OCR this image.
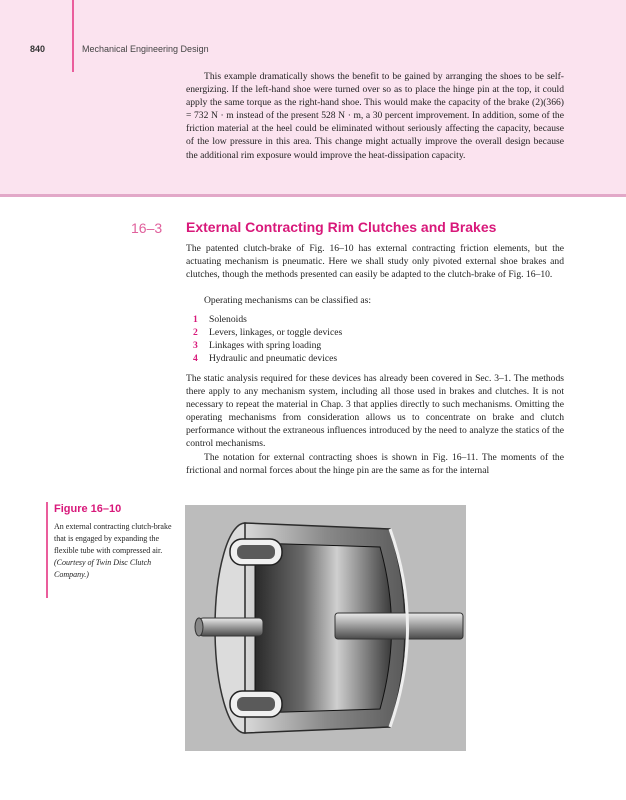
840	Mechanical Engineering Design

This example dramatically shows the benefit to be gained by arranging the shoes to be self-energizing. If the left-hand shoe were turned over so as to place the hinge pin at the top, it could apply the same torque as the right-hand shoe. This would make the capacity of the brake (2)(366) = 732 N · m instead of the present 528 N · m, a 30 percent improvement. In addition, some of the friction material at the heel could be eliminated without seriously affecting the capacity, because of the low pressure in this area. This change might actually improve the overall design because the additional rim exposure would improve the heat-dissipation capacity.

16–3 External Contracting Rim Clutches and Brakes

The patented clutch-brake of Fig. 16–10 has external contracting friction elements, but the actuating mechanism is pneumatic. Here we shall study only pivoted external shoe brakes and clutches, though the methods presented can easily be adapted to the clutch-brake of Fig. 16–10.

Operating mechanisms can be classified as:

1	Solenoids
2	Levers, linkages, or toggle devices
3	Linkages with spring loading
4	Hydraulic and pneumatic devices

The static analysis required for these devices has already been covered in Sec. 3–1. The methods there apply to any mechanism system, including all those used in brakes and clutches. It is not necessary to repeat the material in Chap. 3 that applies directly to such mechanisms. Omitting the operating mechanisms from consideration allows us to concentrate on brake and clutch performance without the extraneous influences introduced by the need to analyze the statics of the control mechanisms.

The notation for external contracting shoes is shown in Fig. 16–11. The moments of the frictional and normal forces about the hinge pin are the same as for the internal

Figure 16–10

An external contracting clutch-brake that is engaged by expanding the flexible tube with compressed air. (Courtesy of Twin Disc Clutch Company.)
